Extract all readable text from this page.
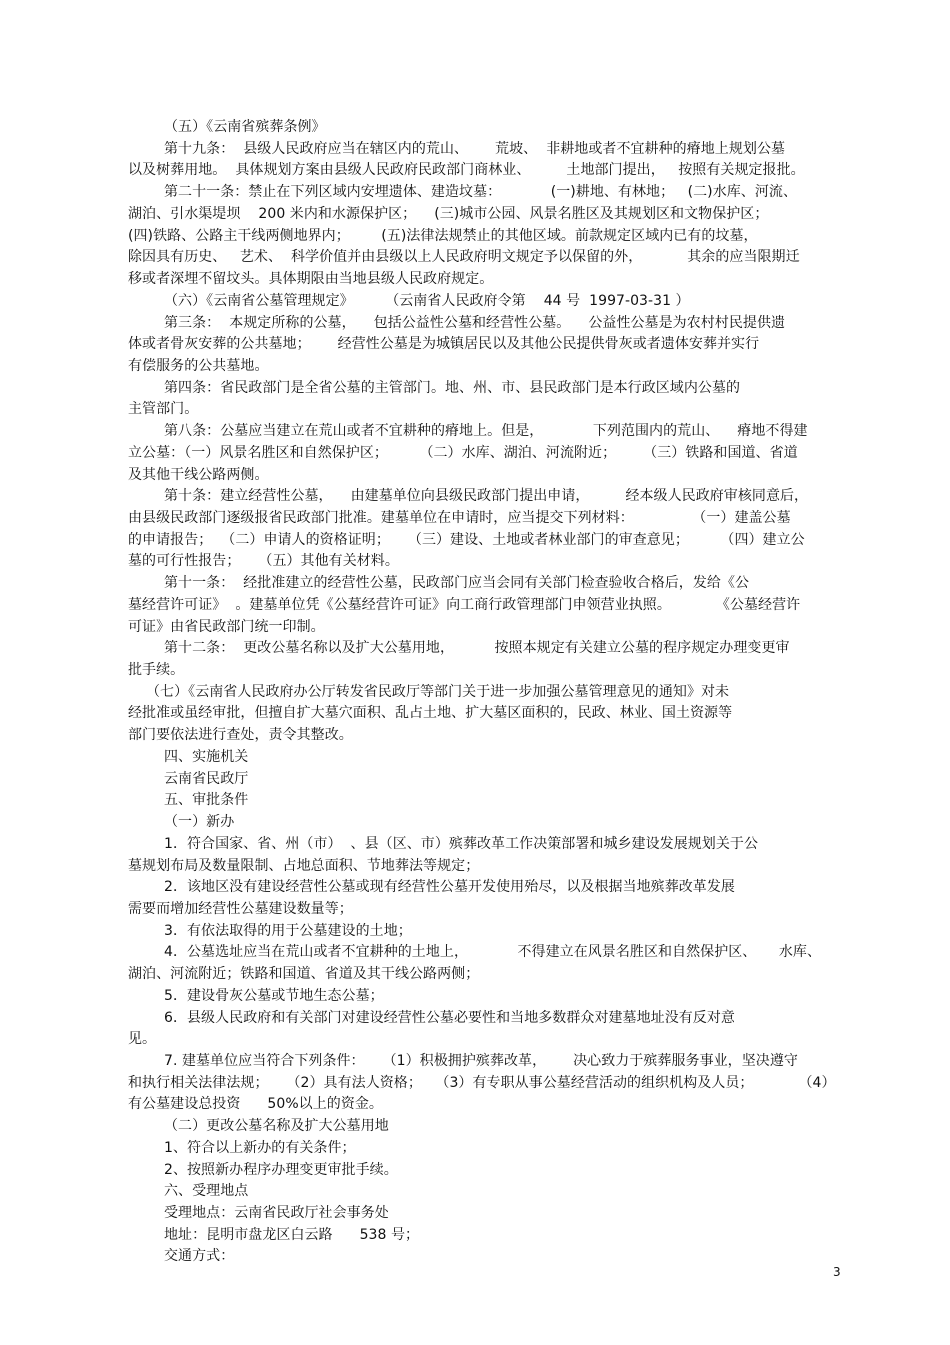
（五）《云南省殡葬条例》
第十九条：  县级人民政府应当在辖区内的荒山、      荒坡、  非耕地或者不宜耕种的瘠地上规划公墓
以及树葬用地。  具体规划方案由县级人民政府民政部门商林业、        土地部门提出，   按照有关规定报批。
第二十一条：禁止在下列区域内安埋遗体、建造坟墓：           (一)耕地、有林地；   (二)水库、河流、
湖泊、引水渠堤坝    200 米内和水源保护区；    (三)城市公园、风景名胜区及其规划区和文物保护区；
(四)铁路、公路主干线两侧地界内；       (五)法律法规禁止的其他区域。前款规定区域内已有的坟墓，
除因具有历史、   艺术、  科学价值并由县级以上人民政府明文规定予以保留的外，          其余的应当限期迁
移或者深埋不留坟头。具体期限由当地县级人民政府规定。
（六）《云南省公墓管理规定》       （云南省人民政府令第    44 号  1997-03-31 ）
第三条：  本规定所称的公墓，    包括公益性公墓和经营性公墓。    公益性公墓是为农村村民提供遗
体或者骨灰安葬的公共墓地；      经营性公墓是为城镇居民以及其他公民提供骨灰或者遗体安葬并实行
有偿服务的公共墓地。
第四条：省民政部门是全省公墓的主管部门。地、州、市、县民政部门是本行政区域内公墓的
主管部门。
第八条：公墓应当建立在荒山或者不宜耕种的瘠地上。但是，           下列范围内的荒山、    瘠地不得建
立公墓：（一）风景名胜区和自然保护区；       （二）水库、湖泊、河流附近；      （三）铁路和国道、省道
及其他干线公路两侧。
第十条：建立经营性公墓，    由建墓单位向县级民政部门提出申请，        经本级人民政府审核同意后，
由县级民政部门逐级报省民政部门批准。建墓单位在申请时，应当提交下列材料：             （一）建盖公墓
的申请报告；  （二）申请人的资格证明；    （三）建设、土地或者林业部门的审查意见；       （四）建立公
墓的可行性报告；    （五）其他有关材料。
第十一条：  经批准建立的经营性公墓，民政部门应当会同有关部门检查验收合格后，发给《公
墓经营许可证》  。建墓单位凭《公墓经营许可证》向工商行政管理部门申领营业执照。          《公墓经营许
可证》由省民政部门统一印制。
第十二条：  更改公墓名称以及扩大公墓用地，         按照本规定有关建立公墓的程序规定办理变更审
批手续。
（七）《云南省人民政府办公厅转发省民政厅等部门关于进一步加强公墓管理意见的通知》对未
经批准或虽经审批，但擅自扩大墓穴面积、乱占土地、扩大墓区面积的，民政、林业、国土资源等
部门要依法进行查处，责令其整改。
四、实施机关
云南省民政厅
五、审批条件
（一）新办
1．符合国家、省、州（市）  、县（区、市）殡葬改革工作决策部署和城乡建设发展规划关于公
墓规划布局及数量限制、占地总面积、节地葬法等规定；
2．该地区没有建设经营性公墓或现有经营性公墓开发使用殆尽，以及根据当地殡葬改革发展
需要而增加经营性公墓建设数量等；
3．有依法取得的用于公墓建设的土地；
4．公墓选址应当在荒山或者不宜耕种的土地上，           不得建立在风景名胜区和自然保护区、     水库、
湖泊、河流附近；铁路和国道、省道及其干线公路两侧；
5．建设骨灰公墓或节地生态公墓；
6．县级人民政府和有关部门对建设经营性公墓必要性和当地多数群众对建墓地址没有反对意
见。
7. 建墓单位应当符合下列条件：    （1）积极拥护殡葬改革，      决心致力于殡葬服务事业，坚决遵守
和执行相关法律法规；    （2）具有法人资格；   （3）有专职从事公墓经营活动的组织机构及人员；          （4）
有公墓建设总投资      50%以上的资金。
（二）更改公墓名称及扩大公墓用地
1、符合以上新办的有关条件；
2、按照新办程序办理变更审批手续。
六、受理地点
受理地点：云南省民政厅社会事务处
地址：昆明市盘龙区白云路      538 号；
交通方式：
3
